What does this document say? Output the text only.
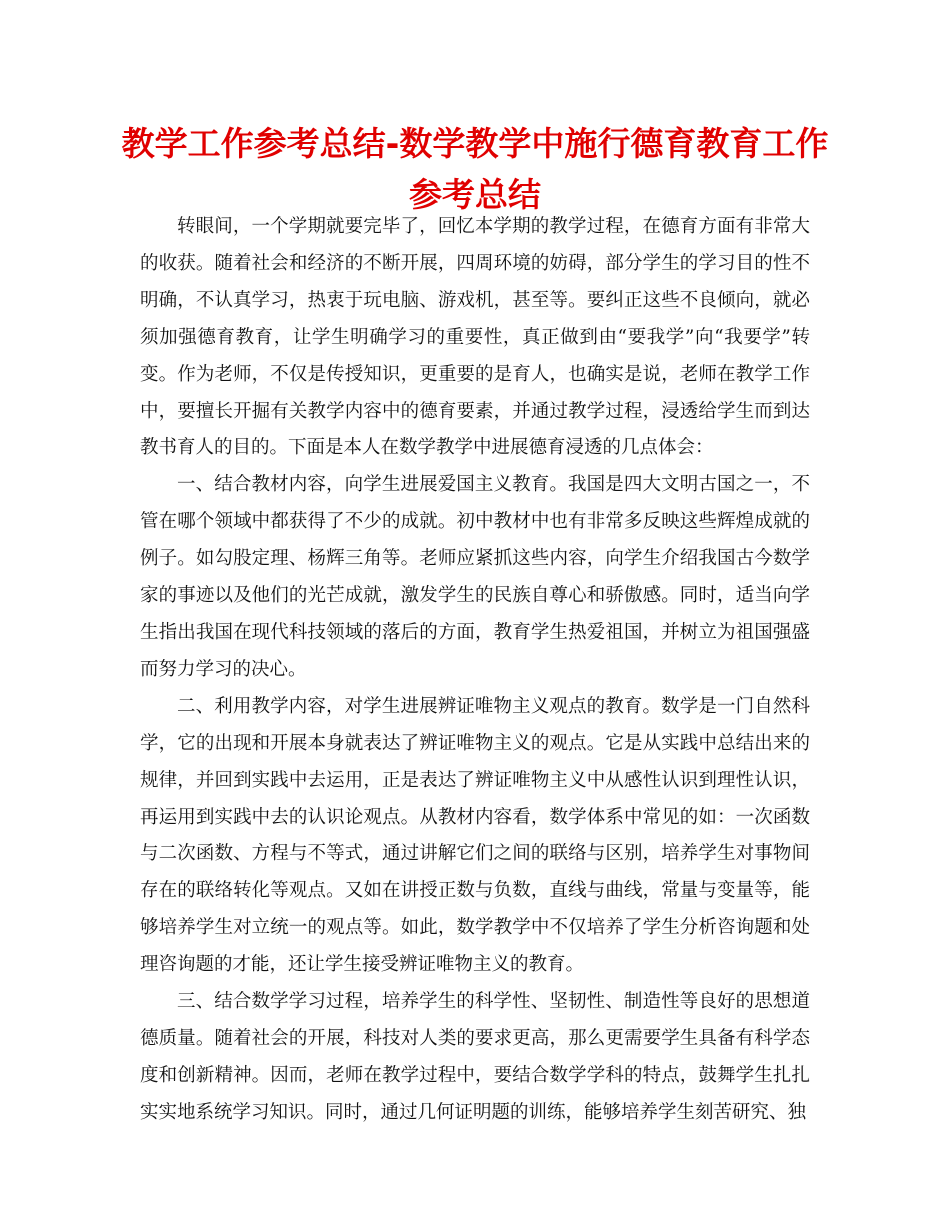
教学工作参考总结-数学教学中施行德育教育工作参考总结

转眼间，一个学期就要完毕了，回忆本学期的教学过程，在德育方面有非常大的收获。随着社会和经济的不断开展，四周环境的妨碍，部分学生的学习目的性不明确，不认真学习，热衷于玩电脑、游戏机，甚至等。要纠正这些不良倾向，就必须加强德育教育，让学生明确学习的重要性，真正做到由“要我学”向“我要学”转变。作为老师，不仅是传授知识，更重要的是育人，也确实是说，老师在教学工作中，要擅长开掘有关教学内容中的德育要素，并通过教学过程，浸透给学生而到达教书育人的目的。下面是本人在数学教学中进展德育浸透的几点体会：

一、结合教材内容，向学生进展爱国主义教育。我国是四大文明古国之一，不管在哪个领域中都获得了不少的成就。初中教材中也有非常多反映这些辉煌成就的例子。如勾股定理、杨辉三角等。老师应紧抓这些内容，向学生介绍我国古今数学家的事迹以及他们的光芒成就，激发学生的民族自尊心和骄傲感。同时，适当向学生指出我国在现代科技领域的落后的方面，教育学生热爱祖国，并树立为祖国强盛而努力学习的决心。

二、利用教学内容，对学生进展辨证唯物主义观点的教育。数学是一门自然科学，它的出现和开展本身就表达了辨证唯物主义的观点。它是从实践中总结出来的规律，并回到实践中去运用，正是表达了辨证唯物主义中从感性认识到理性认识，再运用到实践中去的认识论观点。从教材内容看，数学体系中常见的如：一次函数与二次函数、方程与不等式，通过讲解它们之间的联络与区别，培养学生对事物间存在的联络转化等观点。又如在讲授正数与负数，直线与曲线，常量与变量等，能够培养学生对立统一的观点等。如此，数学教学中不仅培养了学生分析咨询题和处理咨询题的才能，还让学生接受辨证唯物主义的教育。

三、结合数学学习过程，培养学生的科学性、坚韧性、制造性等良好的思想道德质量。随着社会的开展，科技对人类的要求更高，那么更需要学生具备有科学态度和创新精神。因而，老师在教学过程中，要结合数学学科的特点，鼓舞学生扎扎实实地系统学习知识。同时，通过几何证明题的训练，能够培养学生刻苦研究、独
